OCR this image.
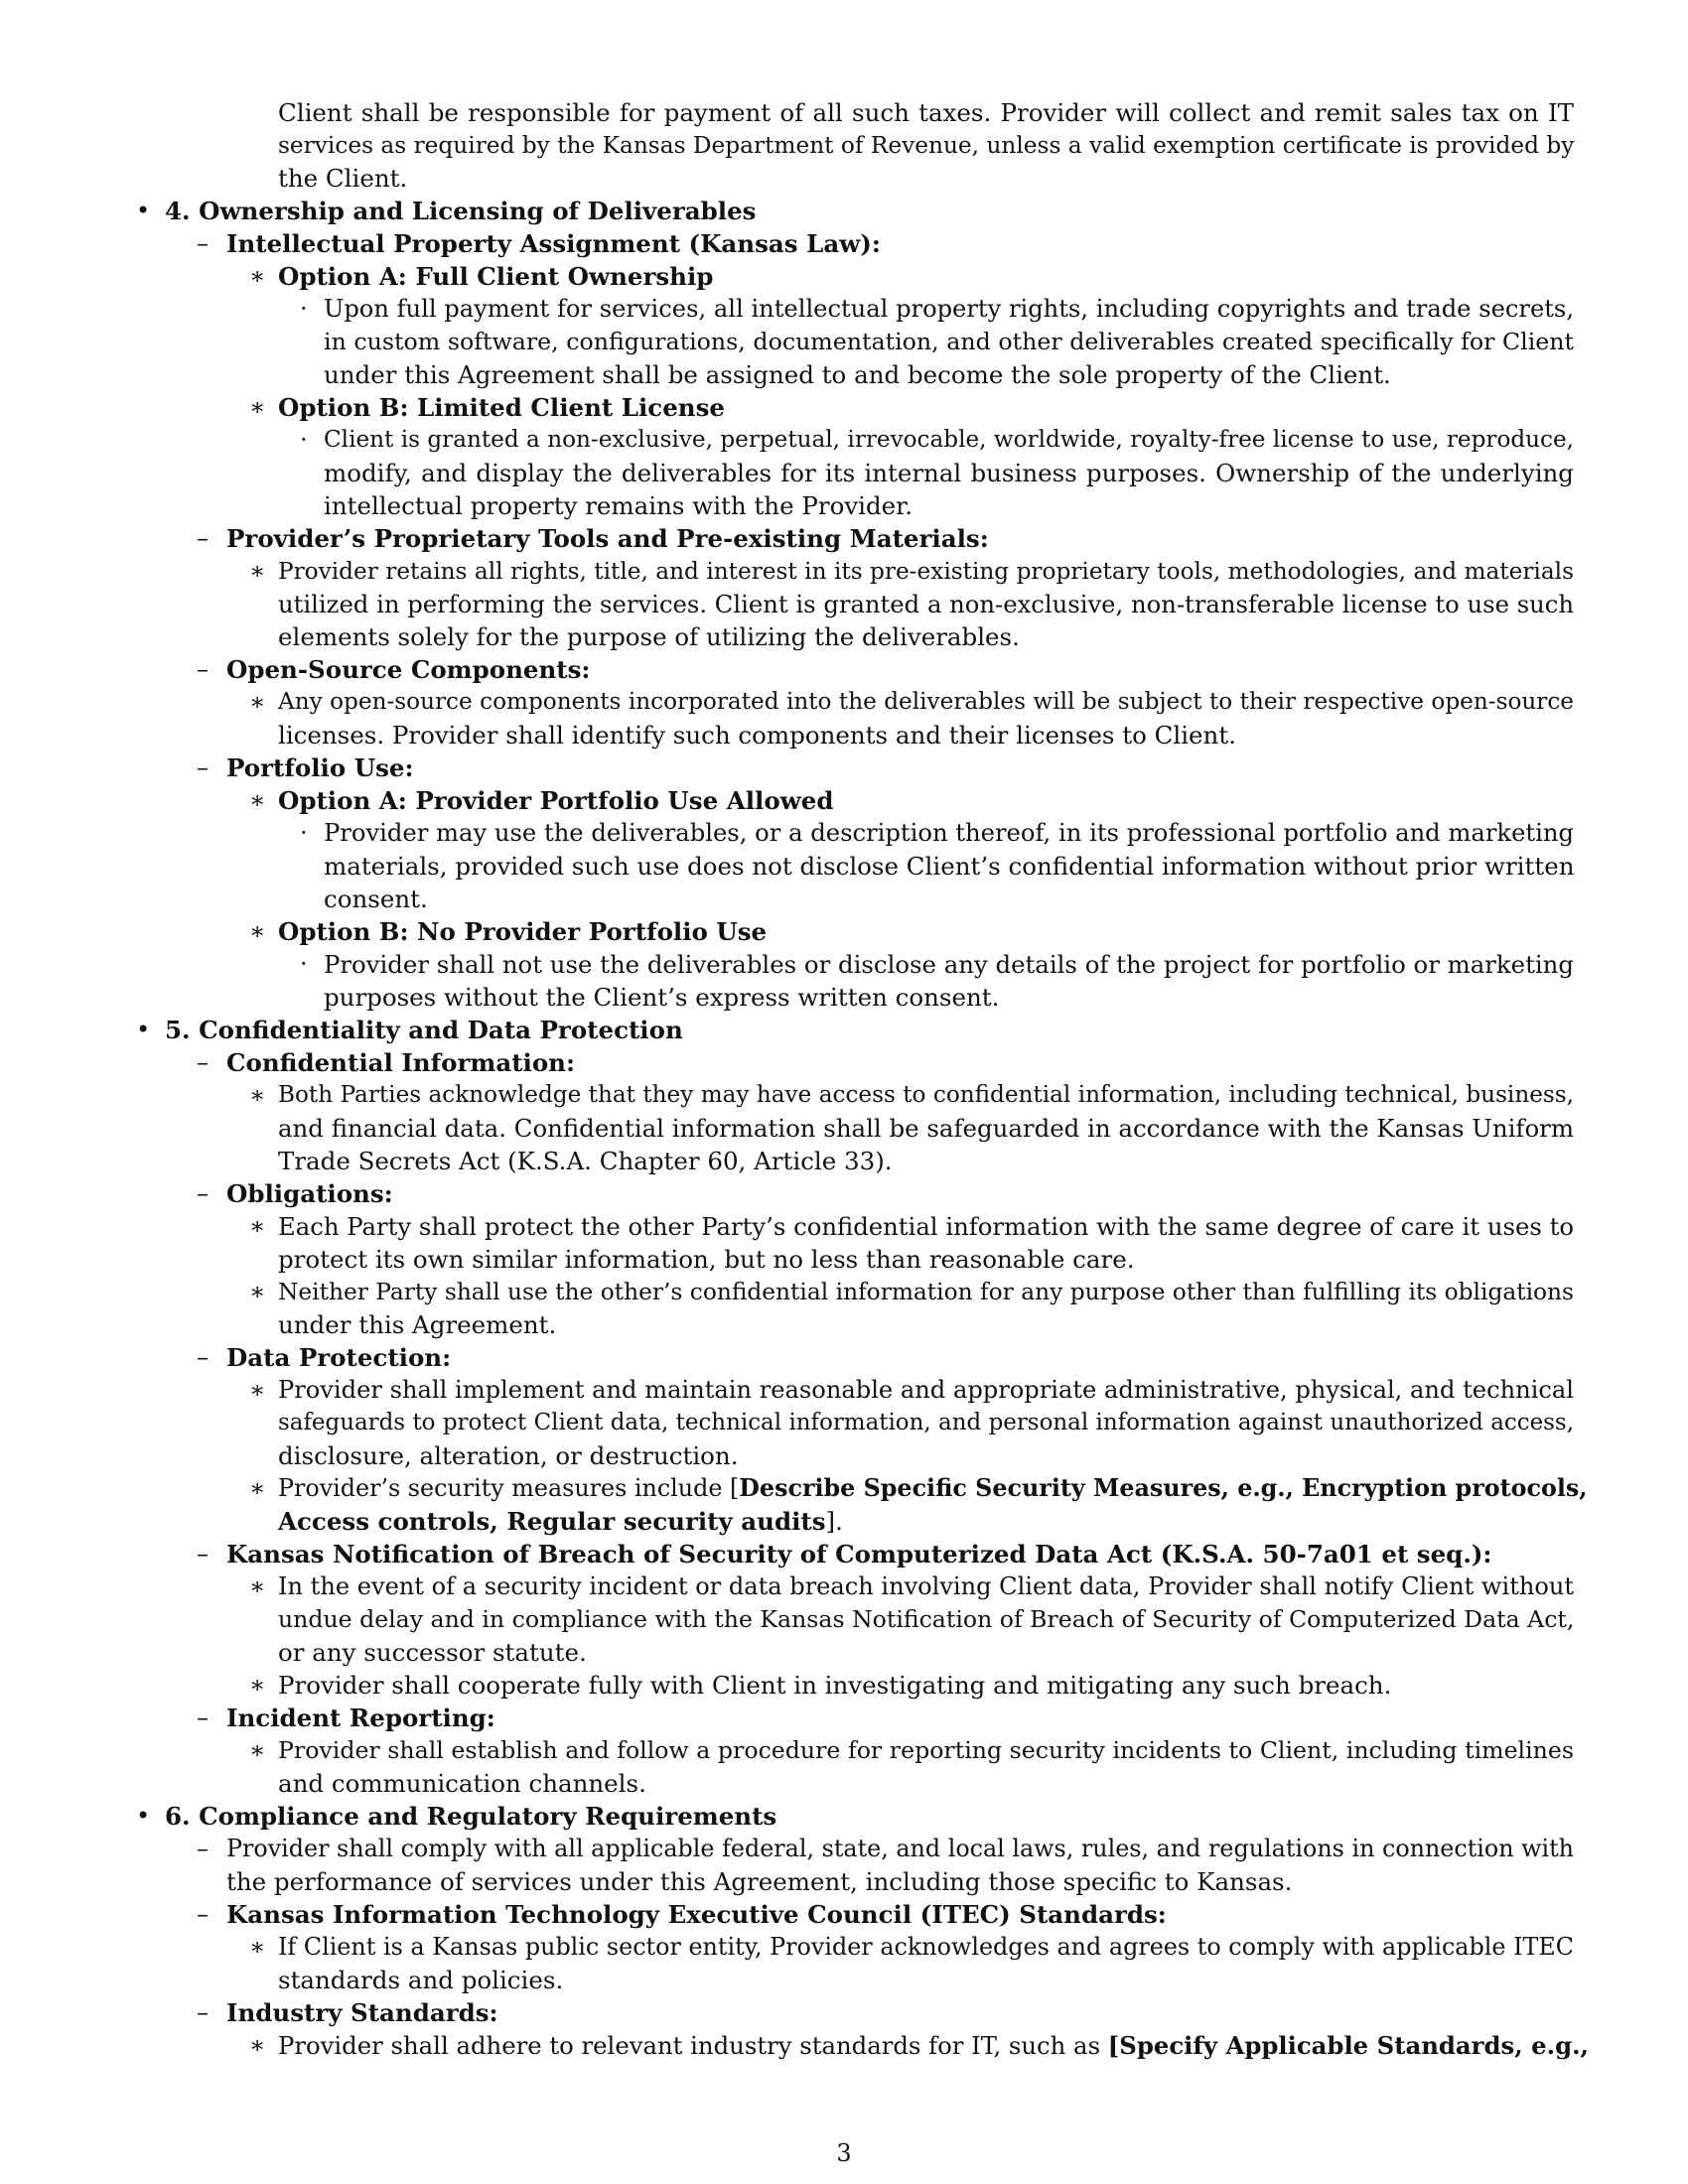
Client shall be responsible for payment of all such taxes. Provider will collect and remit sales tax on IT
services as required by the Kansas Department of Revenue, unless a valid exemption certificate is provided by
the Client.
• 4. Ownership and Licensing of Deliverables
– Intellectual Property Assignment (Kansas Law):
∗ Option A: Full Client Ownership
· Upon full payment for services, all intellectual property rights, including copyrights and trade secrets,
in custom software, configurations, documentation, and other deliverables created specifically for Client
under this Agreement shall be assigned to and become the sole property of the Client.
∗ Option B: Limited Client License
· Client is granted a non-exclusive, perpetual, irrevocable, worldwide, royalty-free license to use, reproduce,
modify, and display the deliverables for its internal business purposes. Ownership of the underlying
intellectual property remains with the Provider.
– Provider’s Proprietary Tools and Pre-existing Materials:
∗ Provider retains all rights, title, and interest in its pre-existing proprietary tools, methodologies, and materials
utilized in performing the services. Client is granted a non-exclusive, non-transferable license to use such
elements solely for the purpose of utilizing the deliverables.
– Open-Source Components:
∗ Any open-source components incorporated into the deliverables will be subject to their respective open-source
licenses. Provider shall identify such components and their licenses to Client.
– Portfolio Use:
∗ Option A: Provider Portfolio Use Allowed
· Provider may use the deliverables, or a description thereof, in its professional portfolio and marketing
materials, provided such use does not disclose Client’s confidential information without prior written
consent.
∗ Option B: No Provider Portfolio Use
· Provider shall not use the deliverables or disclose any details of the project for portfolio or marketing
purposes without the Client’s express written consent.
• 5. Confidentiality and Data Protection
– Confidential Information:
∗ Both Parties acknowledge that they may have access to confidential information, including technical, business,
and financial data. Confidential information shall be safeguarded in accordance with the Kansas Uniform
Trade Secrets Act (K.S.A. Chapter 60, Article 33).
– Obligations:
∗ Each Party shall protect the other Party’s confidential information with the same degree of care it uses to
protect its own similar information, but no less than reasonable care.
∗ Neither Party shall use the other’s confidential information for any purpose other than fulfilling its obligations
under this Agreement.
– Data Protection:
∗ Provider shall implement and maintain reasonable and appropriate administrative, physical, and technical
safeguards to protect Client data, technical information, and personal information against unauthorized access,
disclosure, alteration, or destruction.
∗ Provider’s security measures include [Describe Specific Security Measures, e.g., Encryption protocols,
Access controls, Regular security audits].
– Kansas Notification of Breach of Security of Computerized Data Act (K.S.A. 50-7a01 et seq.):
∗ In the event of a security incident or data breach involving Client data, Provider shall notify Client without
undue delay and in compliance with the Kansas Notification of Breach of Security of Computerized Data Act,
or any successor statute.
∗ Provider shall cooperate fully with Client in investigating and mitigating any such breach.
– Incident Reporting:
∗ Provider shall establish and follow a procedure for reporting security incidents to Client, including timelines
and communication channels.
• 6. Compliance and Regulatory Requirements
– Provider shall comply with all applicable federal, state, and local laws, rules, and regulations in connection with
the performance of services under this Agreement, including those specific to Kansas.
– Kansas Information Technology Executive Council (ITEC) Standards:
∗ If Client is a Kansas public sector entity, Provider acknowledges and agrees to comply with applicable ITEC
standards and policies.
– Industry Standards:
∗ Provider shall adhere to relevant industry standards for IT, such as [Specify Applicable Standards, e.g.,
3
